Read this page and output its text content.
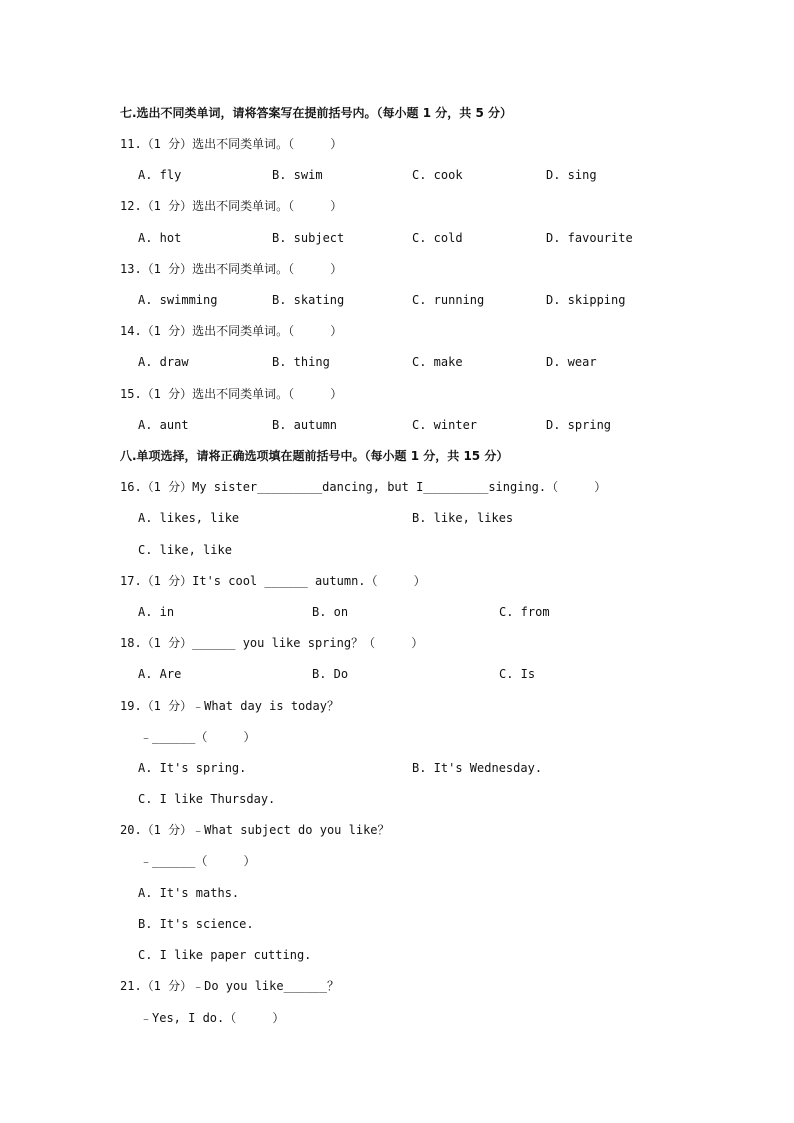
七.选出不同类单词，请将答案写在提前括号内。（每小题 1 分，共 5 分）
11.（1 分）选出不同类单词。（     ）
A. fly	B. swim	C. cook	D. sing
12.（1 分）选出不同类单词。（     ）
A. hot	B. subject	C. cold	D. favourite
13.（1 分）选出不同类单词。（     ）
A. swimming	B. skating	C. running	D. skipping
14.（1 分）选出不同类单词。（     ）
A. draw	B. thing	C. make	D. wear
15.（1 分）选出不同类单词。（     ）
A. aunt	B. autumn	C. winter	D. spring
八.单项选择，请将正确选项填在题前括号中。（每小题 1 分，共 15 分）
16.（1 分）My sister_________dancing, but I_________singing.（     ）
A. likes, like	B. like, likes
C. like, like
17.（1 分）It's cool ______ autumn.（     ）
A. in	B. on	C. from
18.（1 分）______ you like spring？（     ）
A. Are	B. Do	C. Is
19.（1 分）﹣What day is today？
﹣______（     ）
A. It's spring.	B. It's Wednesday.
C. I like Thursday.
20.（1 分）﹣What subject do you like？
﹣______（     ）
A. It's maths.
B. It's science.
C. I like paper cutting.
21.（1 分）﹣Do you like______？
﹣Yes, I do.（     ）
